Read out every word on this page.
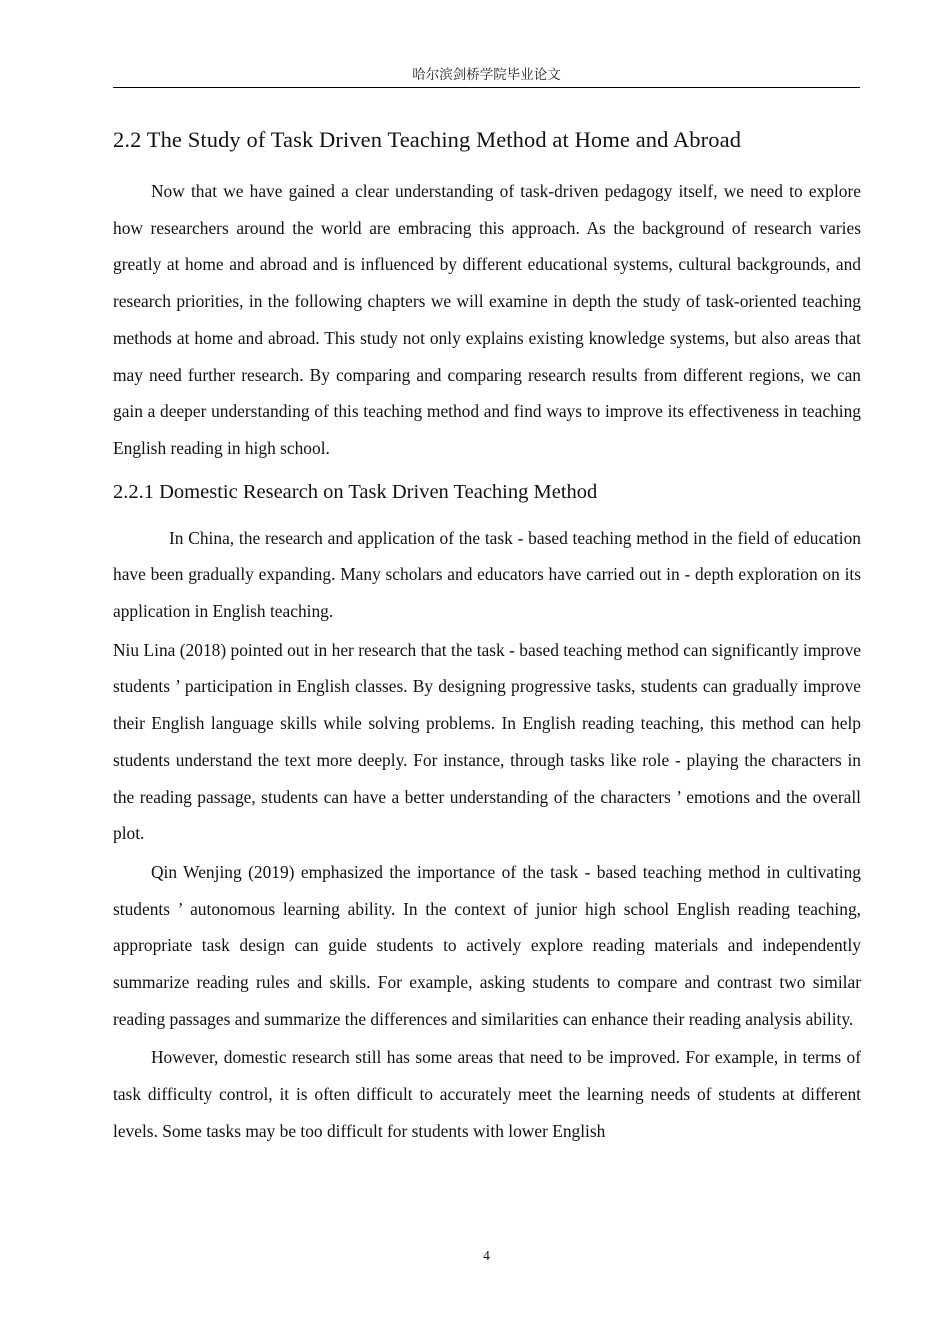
哈尔滨剑桥学院毕业论文
2.2 The Study of Task Driven Teaching Method at Home and Abroad

Now that we have gained a clear understanding of task-driven pedagogy itself, we need to explore how researchers around the world are embracing this approach. As the background of research varies greatly at home and abroad and is influenced by different educational systems, cultural backgrounds, and research priorities, in the following chapters we will examine in depth the study of task-oriented teaching methods at home and abroad. This study not only explains existing knowledge systems, but also areas that may need further research. By comparing and comparing research results from different regions, we can gain a deeper understanding of this teaching method and find ways to improve its effectiveness in teaching English reading in high school.

2.2.1 Domestic Research on Task Driven Teaching Method

In China, the research and application of the task - based teaching method in the field of education have been gradually expanding. Many scholars and educators have carried out in - depth exploration on its application in English teaching.

Niu Lina (2018) pointed out in her research that the task - based teaching method can significantly improve students ’ participation in English classes. By designing progressive tasks, students can gradually improve their English language skills while solving problems. In English reading teaching, this method can help students understand the text more deeply. For instance, through tasks like role - playing the characters in the reading passage, students can have a better understanding of the characters ’ emotions and the overall plot.

Qin Wenjing (2019) emphasized the importance of the task - based teaching method in cultivating students ’ autonomous learning ability. In the context of junior high school English reading teaching, appropriate task design can guide students to actively explore reading materials and independently summarize reading rules and skills. For example, asking students to compare and contrast two similar reading passages and summarize the differences and similarities can enhance their reading analysis ability.

However, domestic research still has some areas that need to be improved. For example, in terms of task difficulty control, it is often difficult to accurately meet the learning needs of students at different levels. Some tasks may be too difficult for students with lower English

4
